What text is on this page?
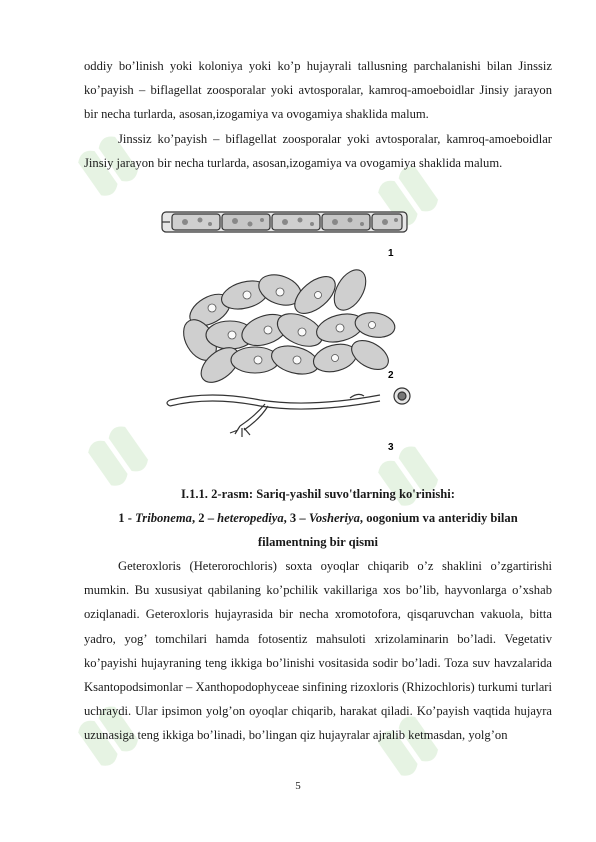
oddiy bo’linish yoki koloniya yoki ko’p hujayrali tallusning parchalanishi bilan Jinssiz ko’payish – biflagellat zoosporalar yoki avtosporalar, kamroq-amoeboidlar Jinsiy jarayon bir necha turlarda, asosan,izogamiya va ovogamiya shaklida malum.

Jinssiz ko’payish – biflagellat zoosporalar yoki avtosporalar, kamroq-amoeboidlar Jinsiy jarayon bir necha turlarda, asosan,izogamiya va ovogamiya shaklida malum.

1
2
3
I.1.1. 2-rasm: Sariq-yashil suvo'tlarning ko'rinishi:
1 - Tribonema, 2 – heteropediya, 3 – Vosheriya, oogonium va anteridiy bilan
filamentning bir qismi

Geteroxloris (Heterorochloris) soxta oyoqlar chiqarib o’z shaklini o’zgartirishi mumkin. Bu xususiyat qabilaning ko’pchilik vakillariga xos bo’lib, hayvonlarga o’xshab oziqlanadi. Geteroxloris hujayrasida bir necha xromotofora, qisqaruvchan vakuola, bitta yadro, yog’ tomchilari hamda fotosentiz mahsuloti xrizolaminarin bo’ladi. Vegetativ ko’payishi hujayraning teng ikkiga bo’linishi vositasida sodir bo’ladi. Toza suv havzalarida Ksantopodsimonlar – Xanthopodophyceae sinfining rizoxloris (Rhizochloris) turkumi turlari uchraydi. Ular ipsimon yolg’on oyoqlar chiqarib, harakat qiladi. Ko’payish vaqtida hujayra uzunasiga teng ikkiga bo’linadi, bo’lingan qiz hujayralar ajralib ketmasdan, yolg’on

5
